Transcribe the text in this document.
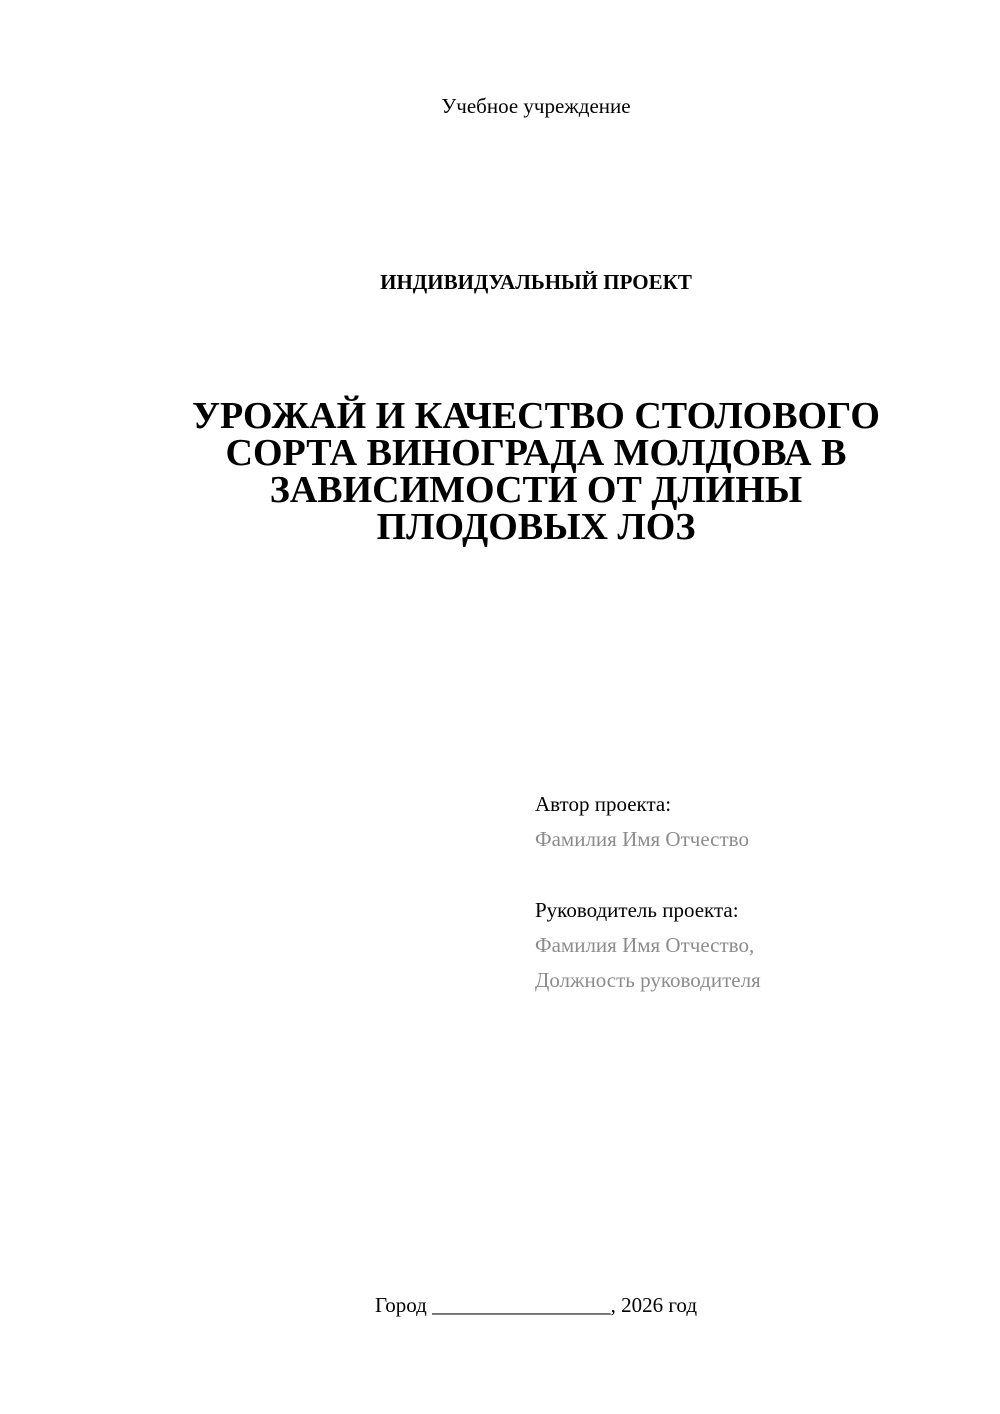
Учебное учреждение
ИНДИВИДУАЛЬНЫЙ ПРОЕКТ
УРОЖАЙ И КАЧЕСТВО СТОЛОВОГО
СОРТА ВИНОГРАДА МОЛДОВА В
ЗАВИСИМОСТИ ОТ ДЛИНЫ
ПЛОДОВЫХ ЛОЗ
Автор проекта:
Фамилия Имя Отчество
Руководитель проекта:
Фамилия Имя Отчество,
Должность руководителя
Город _________________, 2026 год
